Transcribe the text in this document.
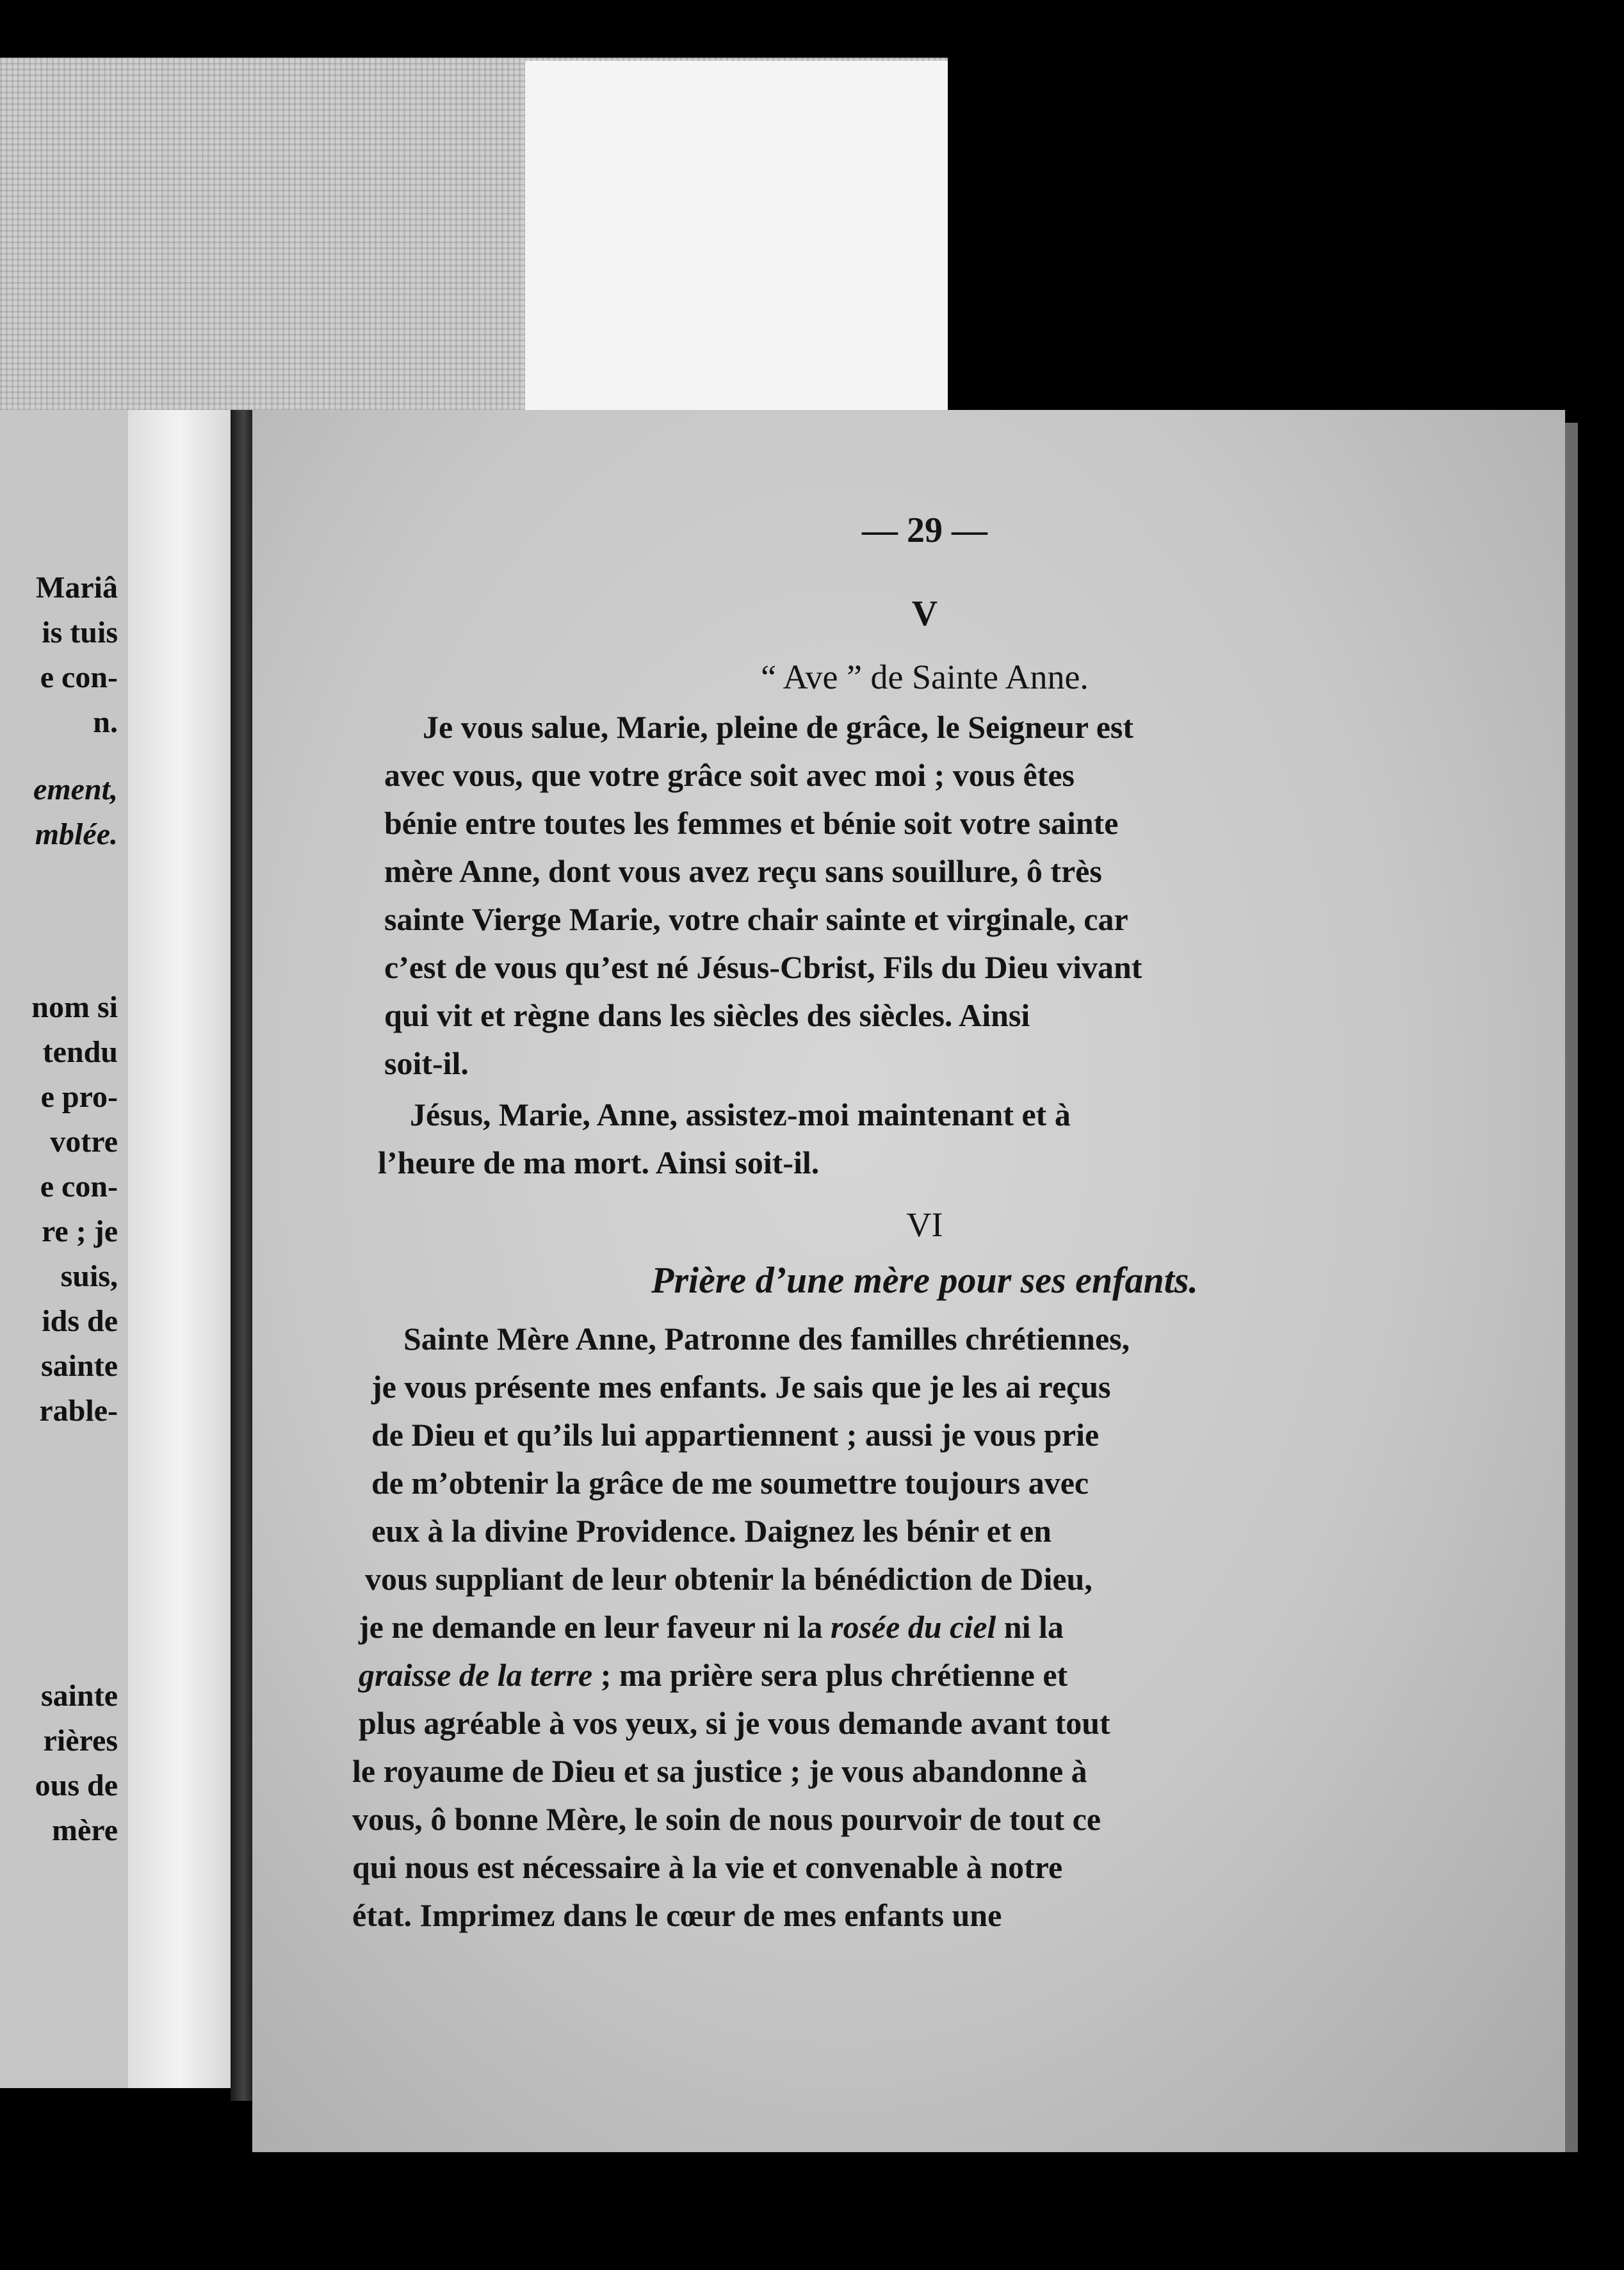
Mariâ
is tuis
e con-
n.
ement,
mblée.
nom si
tendu
e pro-
votre
e con-
re ; je
suis,
ids de
sainte
rable-
sainte
rières
ous de
mère
— 29 —
V
“ Ave ” de Sainte Anne.
Je vous salue, Marie, pleine de grâce, le Seigneur est
avec vous, que votre grâce soit avec moi ; vous êtes
bénie entre toutes les femmes et bénie soit votre sainte
mère Anne, dont vous avez reçu sans souillure, ô très
sainte Vierge Marie, votre chair sainte et virginale, car
c’est de vous qu’est né Jésus-Cbrist, Fils du Dieu vivant
qui vit et règne dans les siècles des siècles. Ainsi
soit-il.
Jésus, Marie, Anne, assistez-moi maintenant et à
l’heure de ma mort. Ainsi soit-il.
VI
Prière d’une mère pour ses enfants.
Sainte Mère Anne, Patronne des familles chrétiennes,
je vous présente mes enfants. Je sais que je les ai reçus
de Dieu et qu’ils lui appartiennent ; aussi je vous prie
de m’obtenir la grâce de me soumettre toujours avec
eux à la divine Providence. Daignez les bénir et en
vous suppliant de leur obtenir la bénédiction de Dieu,
je ne demande en leur faveur ni la rosée du ciel ni la
graisse de la terre ; ma prière sera plus chrétienne et
plus agréable à vos yeux, si je vous demande avant tout
le royaume de Dieu et sa justice ; je vous abandonne à
vous, ô bonne Mère, le soin de nous pourvoir de tout ce
qui nous est nécessaire à la vie et convenable à notre
état. Imprimez dans le cœur de mes enfants une
